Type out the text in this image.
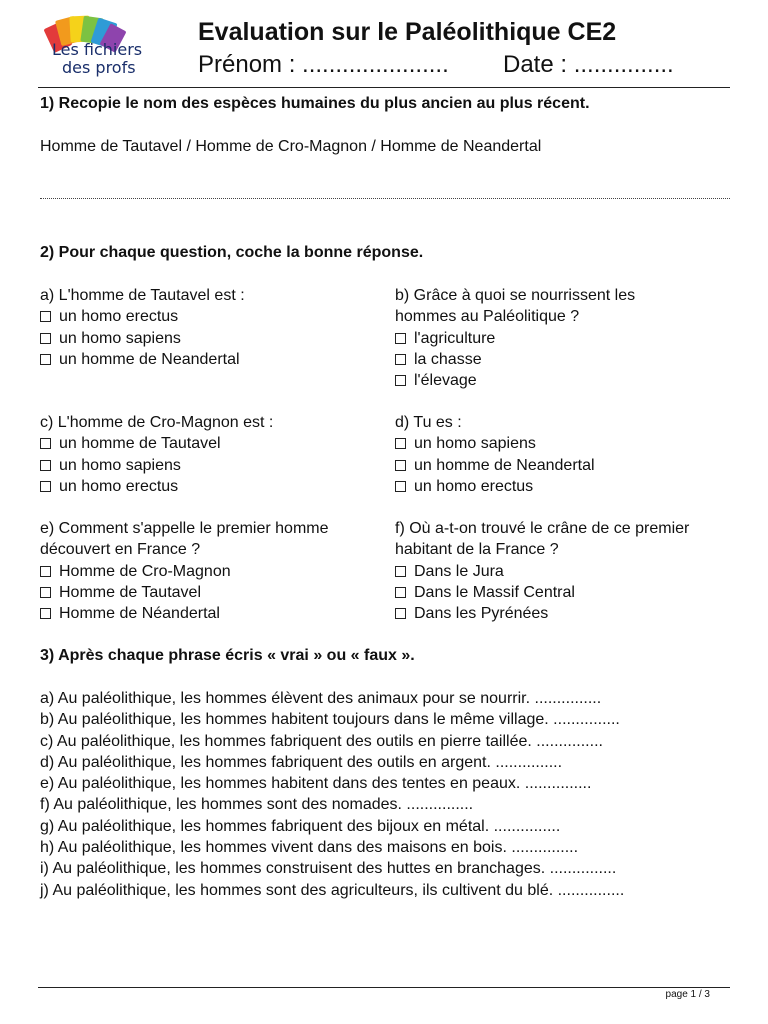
Les fichiers
des profs
Evaluation sur le Paléolithique CE2
Prénom : ...................... Date : ...............
1) Recopie le nom des espèces humaines du plus ancien au plus récent.
Homme de Tautavel / Homme de Cro-Magnon / Homme de Neandertal
2) Pour chaque question, coche la bonne réponse.
a) L'homme de Tautavel est :
un homo erectus
un homo sapiens
un homme de Neandertal
b) Grâce à quoi se nourrissent les
hommes au Paléolitique ?
l'agriculture
la chasse
l'élevage
c) L'homme de Cro-Magnon est :
un homme de Tautavel
un homo sapiens
un homo erectus
d) Tu es :
un homo sapiens
un homme de Neandertal
un homo erectus
e) Comment s'appelle le premier homme
découvert en France ?
Homme de Cro-Magnon
Homme de Tautavel
Homme de Néandertal
f) Où a-t-on trouvé le crâne de ce premier
habitant de la France ?
Dans le Jura
Dans le Massif Central
Dans les Pyrénées
3) Après chaque phrase écris « vrai » ou « faux ».
a) Au paléolithique, les hommes élèvent des animaux pour se nourrir. ...............
b) Au paléolithique, les hommes habitent toujours dans le même village. ...............
c) Au paléolithique, les hommes fabriquent des outils en pierre taillée. ...............
d) Au paléolithique, les hommes fabriquent des outils en argent. ...............
e) Au paléolithique, les hommes habitent dans des tentes en peaux. ...............
f) Au paléolithique, les hommes sont des nomades. ...............
g) Au paléolithique, les hommes fabriquent des bijoux en métal. ...............
h) Au paléolithique, les hommes vivent dans des maisons en bois. ...............
i) Au paléolithique, les hommes construisent des huttes en branchages. ...............
j) Au paléolithique, les hommes sont des agriculteurs, ils cultivent du blé. ...............
page 1 / 3
